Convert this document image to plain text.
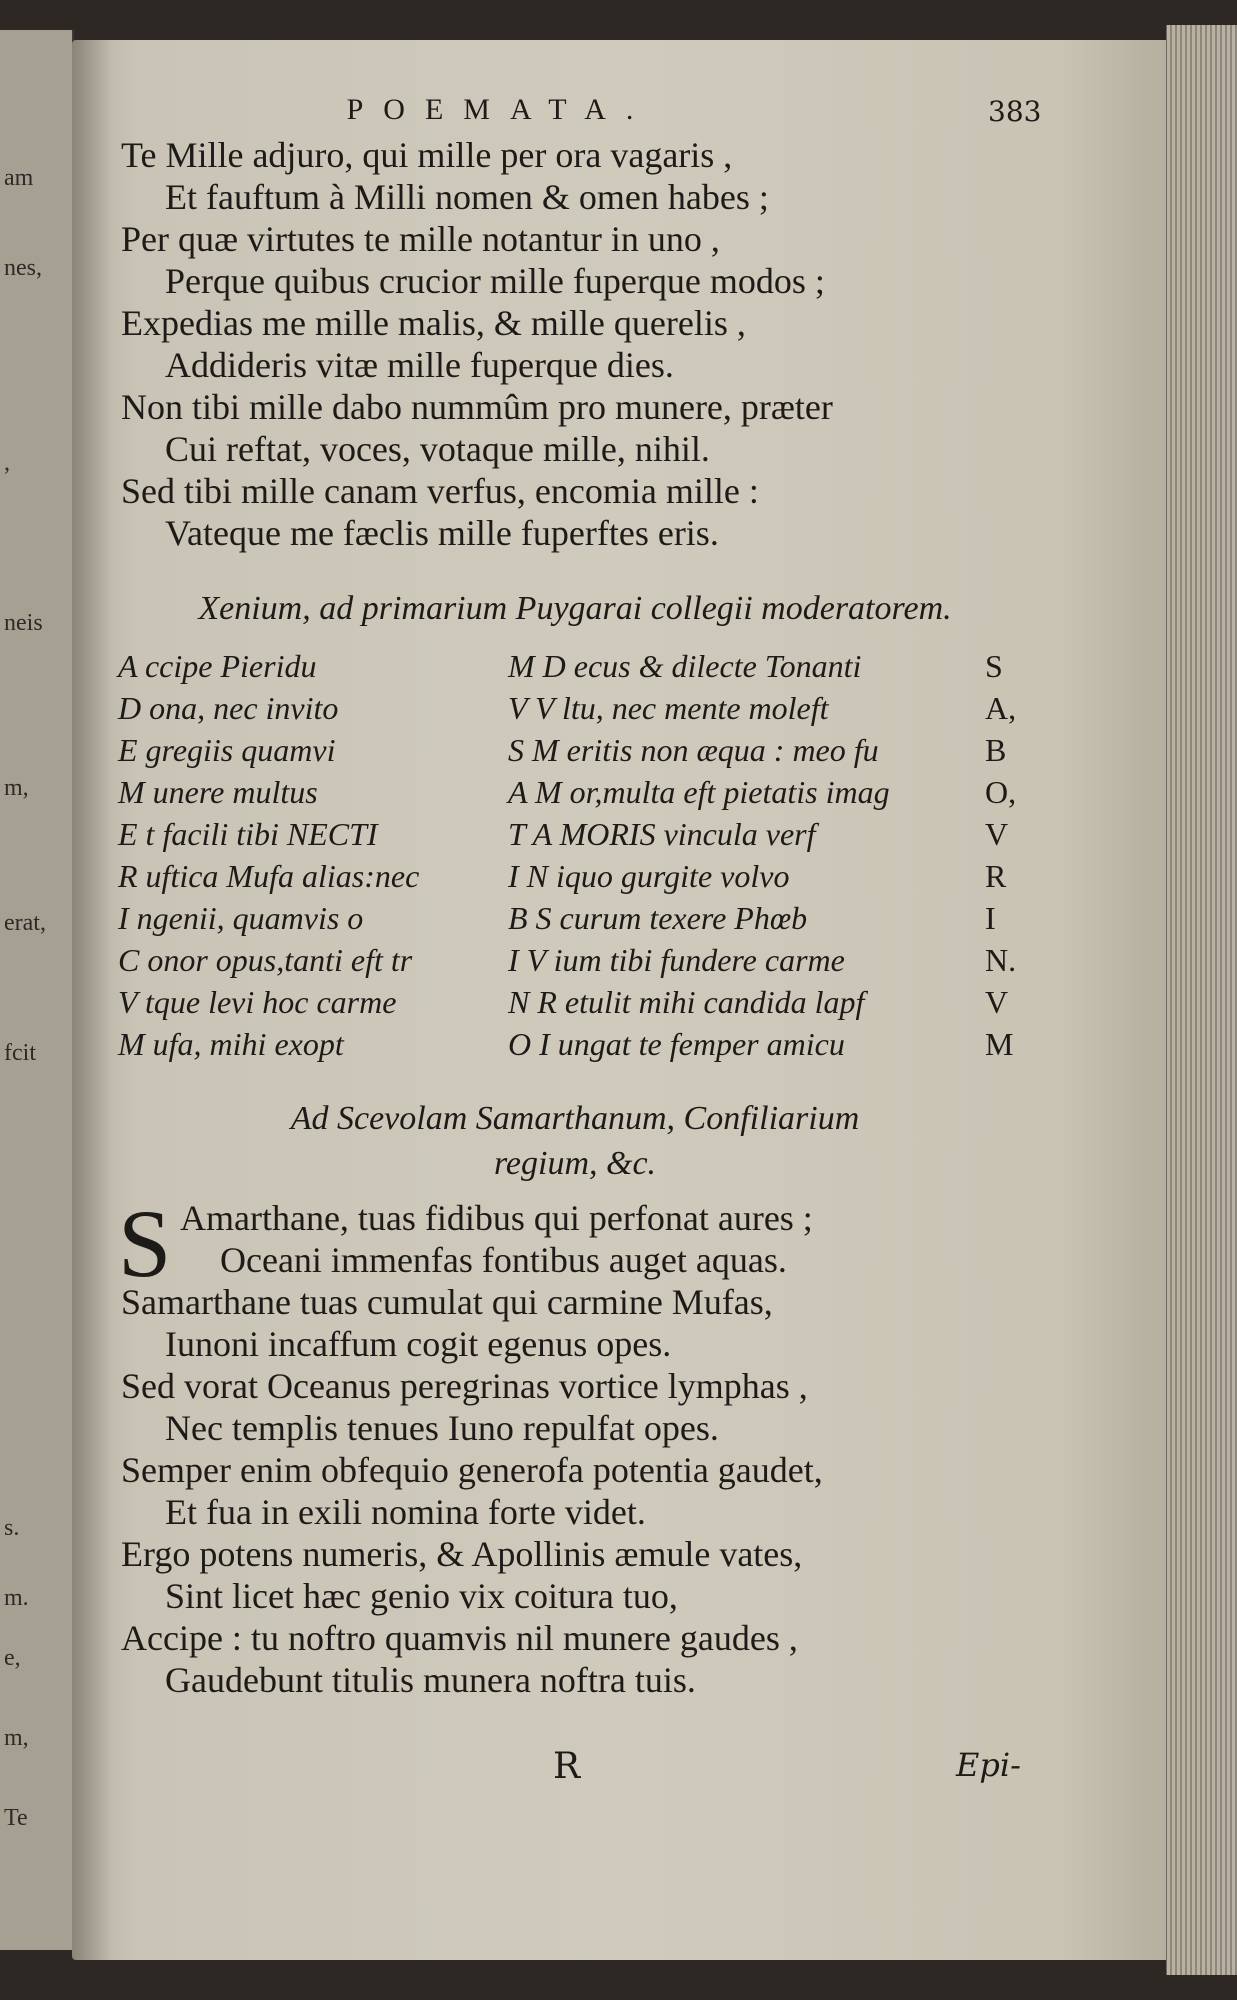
am
nes,
,
neis
m,
erat,
fcit
s.
m.
e,
m,
Te
POEMATA.	383
Te Mille adjuro, qui mille per ora vagaris ,
Et fauftum à Milli nomen & omen habes ;
Per quæ virtutes te mille notantur in uno ,
Perque quibus crucior mille fuperque modos ;
Expedias me mille malis, & mille querelis ,
Addideris vitæ mille fuperque dies.
Non tibi mille dabo nummûm pro munere, præter
Cui reftat, voces, votaque mille, nihil.
Sed tibi mille canam verfus, encomia mille :
Vateque me fæclis mille fuperftes eris.
Xenium, ad primarium Puygarai collegii moderatorem.
A ccipe Pieridu	M D ecus & dilecte Tonanti	S
D ona, nec invito	V V ltu, nec mente moleft	A,
E gregiis quamvi	S M eritis non æqua : meo fu	B
M unere multus	A M or,multa eft pietatis imag	O,
E t facili tibi NECTI	T A MORIS vincula verf	V
R uftica Mufa alias:nec	I N iquo gurgite volvo	R
I ngenii, quamvis o	B S curum texere Phœb	I
C onor opus,tanti eft tr	I V ium tibi fundere carme	N.
V tque levi hoc carme	N R etulit mihi candida lapf	V
M ufa, mihi exopt	O I ungat te femper amicu	M
Ad Scevolam Samarthanum, Confiliarium
regium, &c.
S Amarthane, tuas fidibus qui perfonat aures ;
Oceani immenfas fontibus auget aquas.
Samarthane tuas cumulat qui carmine Mufas,
Iunoni incaffum cogit egenus opes.
Sed vorat Oceanus peregrinas vortice lymphas ,
Nec templis tenues Iuno repulfat opes.
Semper enim obfequio generofa potentia gaudet,
Et fua in exili nomina forte videt.
Ergo potens numeris, & Apollinis æmule vates,
Sint licet hæc genio vix coitura tuo,
Accipe : tu noftro quamvis nil munere gaudes ,
Gaudebunt titulis munera noftra tuis.
R	Epi-
